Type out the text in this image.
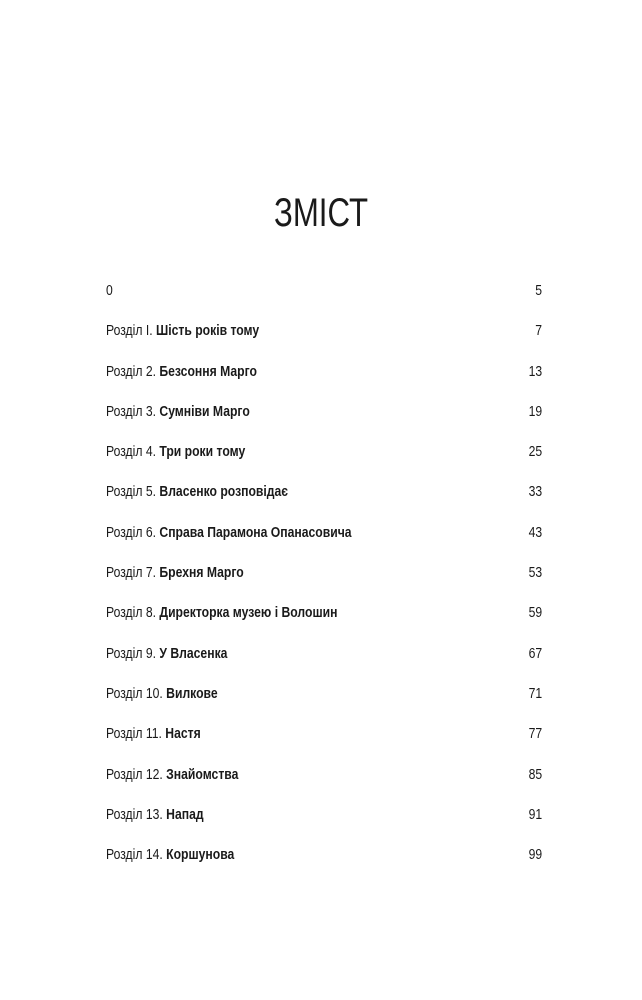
ЗМІСТ
0	5
Розділ I. Шість років тому	7
Розділ 2. Безсоння Марго	13
Розділ 3. Сумніви Марго	19
Розділ 4. Три роки тому	25
Розділ 5. Власенко розповідає	33
Розділ 6. Справа Парамона Опанасовича	43
Розділ 7. Брехня Марго	53
Розділ 8. Директорка музею і Волошин	59
Розділ 9. У Власенка	67
Розділ 10. Вилкове	71
Розділ 11. Настя	77
Розділ 12. Знайомства	85
Розділ 13. Напад	91
Розділ 14. Коршунова	99
